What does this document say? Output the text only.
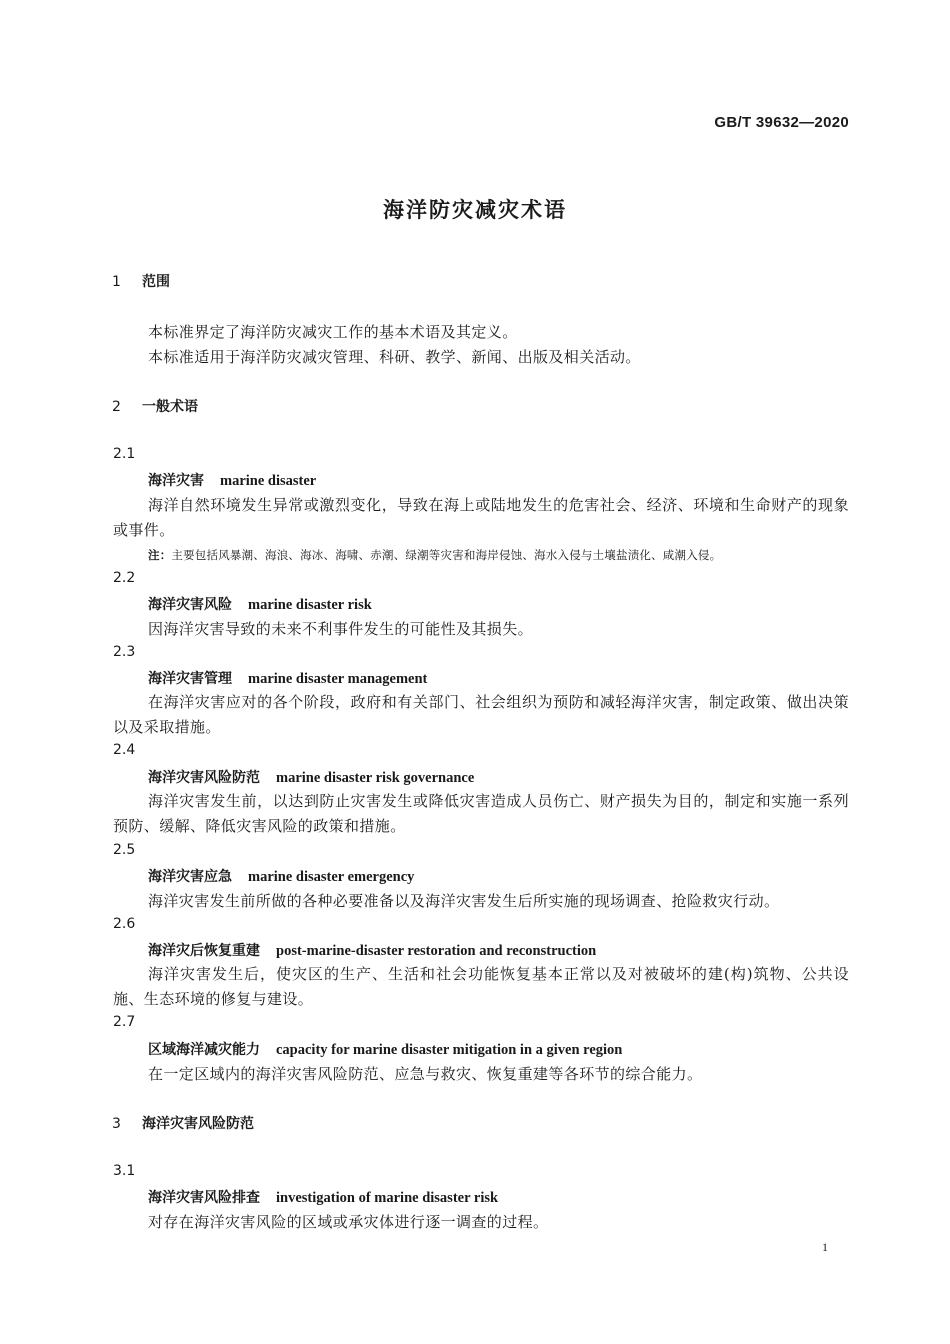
GB/T 39632—2020
海洋防灾减灾术语
1 范围
本标准界定了海洋防灾减灾工作的基本术语及其定义。
本标准适用于海洋防灾减灾管理、科研、教学、新闻、出版及相关活动。
2 一般术语
2.1
海洋灾害 marine disaster
海洋自然环境发生异常或激烈变化，导致在海上或陆地发生的危害社会、经济、环境和生命财产的现象或事件。
注：主要包括风暴潮、海浪、海冰、海啸、赤潮、绿潮等灾害和海岸侵蚀、海水入侵与土壤盐渍化、咸潮入侵。
2.2
海洋灾害风险 marine disaster risk
因海洋灾害导致的未来不利事件发生的可能性及其损失。
2.3
海洋灾害管理 marine disaster management
在海洋灾害应对的各个阶段，政府和有关部门、社会组织为预防和减轻海洋灾害，制定政策、做出决策以及采取措施。
2.4
海洋灾害风险防范 marine disaster risk governance
海洋灾害发生前，以达到防止灾害发生或降低灾害造成人员伤亡、财产损失为目的，制定和实施一系列预防、缓解、降低灾害风险的政策和措施。
2.5
海洋灾害应急 marine disaster emergency
海洋灾害发生前所做的各种必要准备以及海洋灾害发生后所实施的现场调查、抢险救灾行动。
2.6
海洋灾后恢复重建 post-marine-disaster restoration and reconstruction
海洋灾害发生后，使灾区的生产、生活和社会功能恢复基本正常以及对被破坏的建(构)筑物、公共设施、生态环境的修复与建设。
2.7
区域海洋减灾能力 capacity for marine disaster mitigation in a given region
在一定区域内的海洋灾害风险防范、应急与救灾、恢复重建等各环节的综合能力。
3 海洋灾害风险防范
3.1
海洋灾害风险排查 investigation of marine disaster risk
对存在海洋灾害风险的区域或承灾体进行逐一调查的过程。
1
